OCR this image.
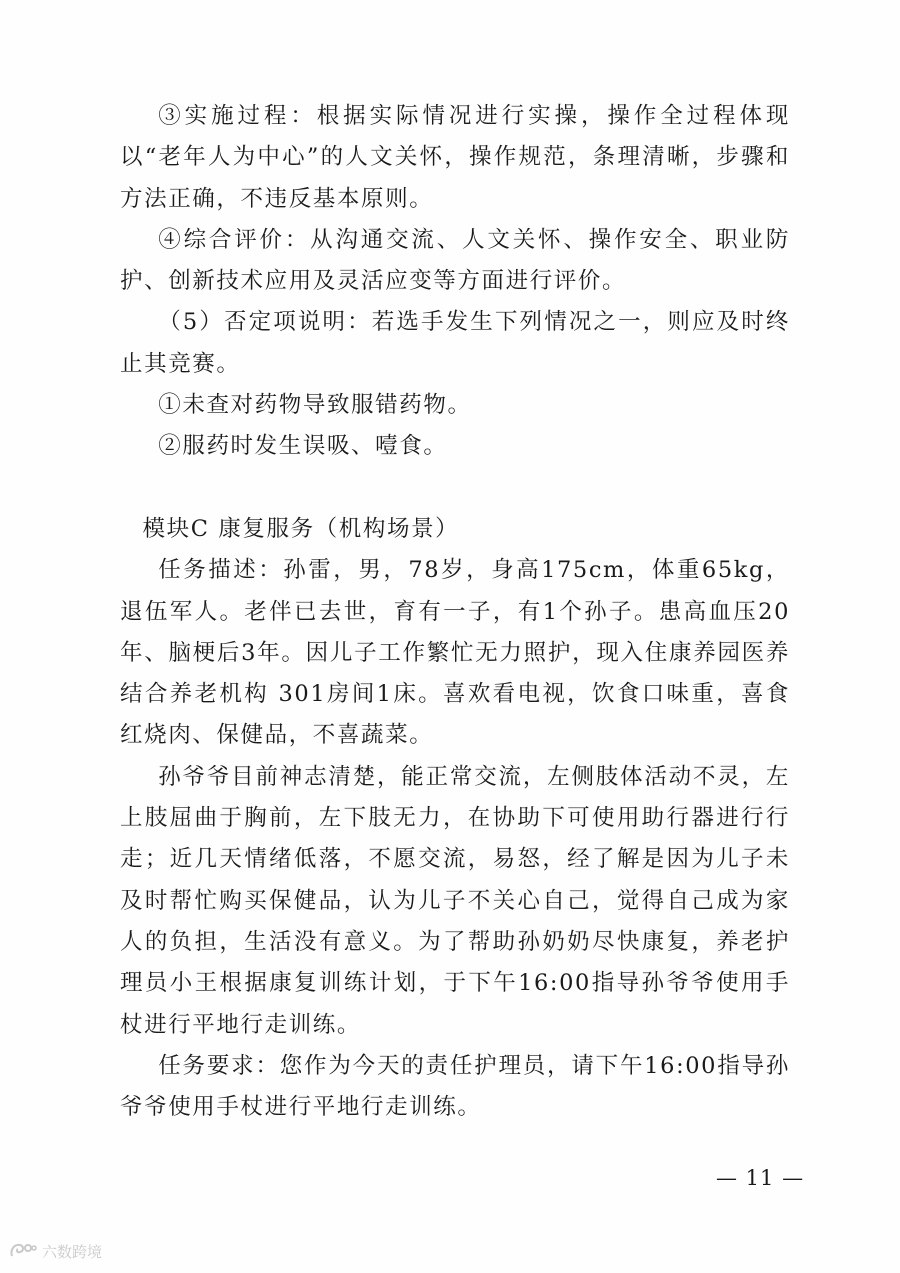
③实施过程：根据实际情况进行实操，操作全过程体现以“老年人为中心”的人文关怀，操作规范，条理清晰，步骤和方法正确，不违反基本原则。

④综合评价：从沟通交流、人文关怀、操作安全、职业防护、创新技术应用及灵活应变等方面进行评价。

（5）否定项说明：若选手发生下列情况之一，则应及时终止其竞赛。

①未查对药物导致服错药物。

②服药时发生误吸、噎食。

模块C 康复服务（机构场景）

任务描述：孙雷，男，78岁，身高175cm，体重65kg，退伍军人。老伴已去世，育有一子，有1个孙子。患高血压20年、脑梗后3年。因儿子工作繁忙无力照护，现入住康养园医养结合养老机构 301房间1床。喜欢看电视，饮食口味重，喜食红烧肉、保健品，不喜蔬菜。

孙爷爷目前神志清楚，能正常交流，左侧肢体活动不灵，左上肢屈曲于胸前，左下肢无力，在协助下可使用助行器进行行走；近几天情绪低落，不愿交流，易怒，经了解是因为儿子未及时帮忙购买保健品，认为儿子不关心自己，觉得自己成为家人的负担，生活没有意义。为了帮助孙奶奶尽快康复，养老护理员小王根据康复训练计划，于下午16:00指导孙爷爷使用手杖进行平地行走训练。

任务要求：您作为今天的责任护理员，请下午16:00指导孙爷爷使用手杖进行平地行走训练。

— 11 —
六数跨境
